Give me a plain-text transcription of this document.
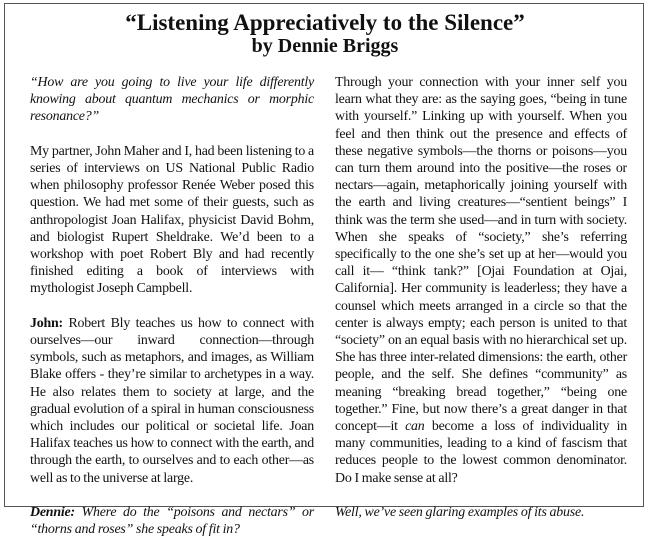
“Listening Appreciatively to the Silence”
by Dennie Briggs

“How are you going to live your life differently knowing about quantum mechanics or morphic resonance?”

My partner, John Maher and I, had been listening to a series of interviews on US National Public Radio when philosophy professor Renée Weber posed this question. We had met some of their guests, such as anthropologist Joan Halifax, physicist David Bohm, and biologist Rupert Sheldrake. We’d been to a workshop with poet Robert Bly and had recently finished editing a book of interviews with mythologist Joseph Campbell.

John: Robert Bly teaches us how to connect with ourselves—our inward connection—through symbols, such as metaphors, and images, as William Blake offers - they’re similar to archetypes in a way. He also relates them to society at large, and the gradual evolution of a spiral in human consciousness which includes our political or societal life. Joan Halifax teaches us how to connect with the earth, and through the earth, to ourselves and to each other—as well as to the universe at large.

Dennie: Where do the “poisons and nectars” or “thorns and roses” she speaks of fit in?

Through your connection with your inner self you learn what they are: as the saying goes, “being in tune with yourself.” Linking up with yourself. When you feel and then think out the presence and effects of these negative symbols—the thorns or poisons—you can turn them around into the positive—the roses or nectars—again, metaphorically joining yourself with the earth and living creatures—“sentient beings” I think was the term she used—and in turn with society. When she speaks of “society,” she’s referring specifically to the one she’s set up at her—would you call it— “think tank?” [Ojai Foundation at Ojai, California]. Her community is leaderless; they have a counsel which meets arranged in a circle so that the center is always empty; each person is united to that “society” on an equal basis with no hierarchical set up. She has three inter-related dimensions: the earth, other people, and the self. She defines “community” as meaning “breaking bread together,” “being one together.” Fine, but now there’s a great danger in that concept—it can become a loss of individuality in many communities, leading to a kind of fascism that reduces people to the lowest common denominator. Do I make sense at all?

Well, we’ve seen glaring examples of its abuse.
